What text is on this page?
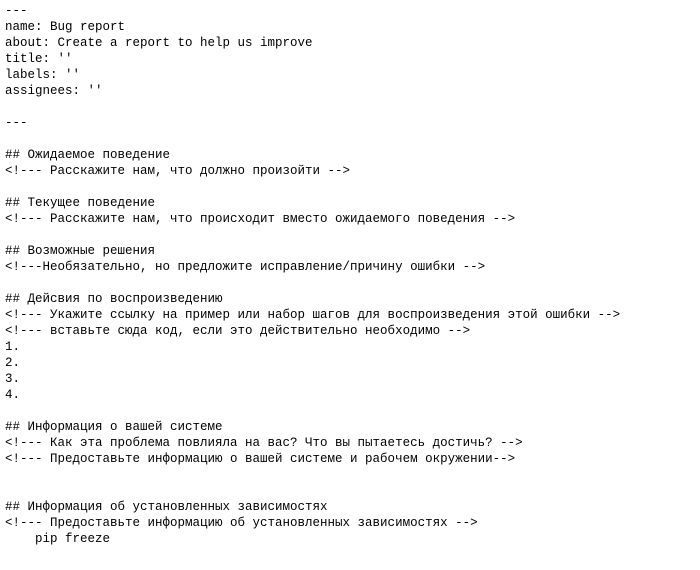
---
name: Bug report
about: Create a report to help us improve
title: ''
labels: ''
assignees: ''
---
## Ожидаемое поведение
<!--- Расскажите нам, что должно произойти -->
## Текущее поведение
<!--- Расскажите нам, что происходит вместо ожидаемого поведения -->
## Возможные решения
<!---Необязательно, но предложите исправление/причину ошибки -->
## Дейсвия по воспроизведению
<!--- Укажите ссылку на пример или набор шагов для воспроизведения этой ошибки -->
<!--- вставьте сюда код, если это действительно необходимо -->
1.
2.
3.
4.
## Информация о вашей системе
<!--- Как эта проблема повлияла на вас? Что вы пытаетесь достичь? -->
<!--- Предоставьте информацию о вашей системе и рабочем окружении-->
## Информация об установленных зависимостях
<!--- Предоставьте информацию об установленных зависимостях -->
pip freeze
